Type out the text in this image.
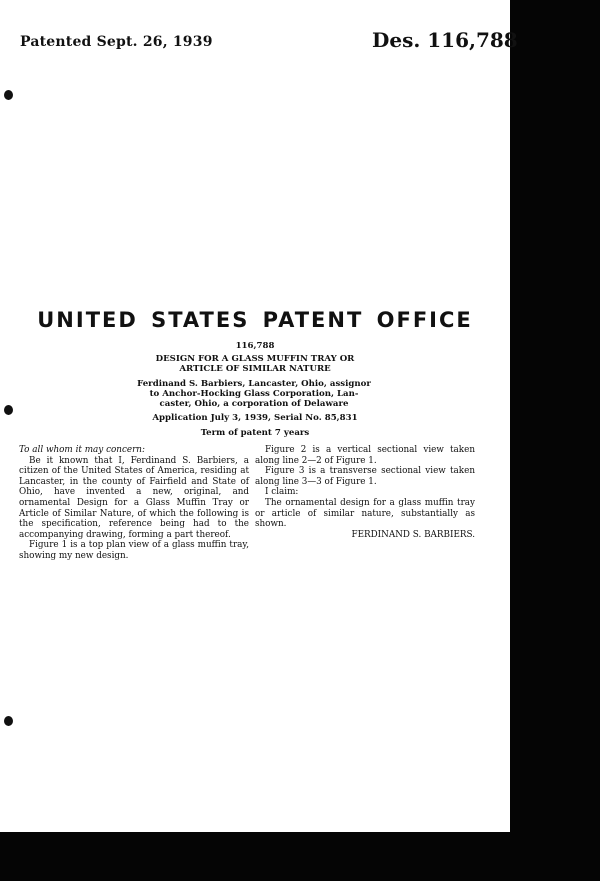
Patented Sept. 26, 1939	Des. 116,788
UNITED STATES PATENT OFFICE
116,788
DESIGN FOR A GLASS MUFFIN TRAY OR
ARTICLE OF SIMILAR NATURE
Ferdinand S. Barbiers, Lancaster, Ohio, assignor
to Anchor-Hocking Glass Corporation, Lan-
caster, Ohio, a corporation of Delaware
Application July 3, 1939, Serial No. 85,831
Term of patent 7 years

To all whom it may concern:

Be it known that I, Ferdinand S. Barbiers, a citizen of the United States of America, residing at Lancaster, in the county of Fairfield and State of Ohio, have invented a new, original, and ornamental Design for a Glass Muffin Tray or Article of Similar Nature, of which the following is the specification, reference being had to the accompanying drawing, forming a part thereof.

Figure 1 is a top plan view of a glass muffin tray, showing my new design.

Figure 2 is a vertical sectional view taken along line 2—2 of Figure 1.

Figure 3 is a transverse sectional view taken along line 3—3 of Figure 1.

I claim:

The ornamental design for a glass muffin tray or article of similar nature, substantially as shown.

FERDINAND S. BARBIERS.
